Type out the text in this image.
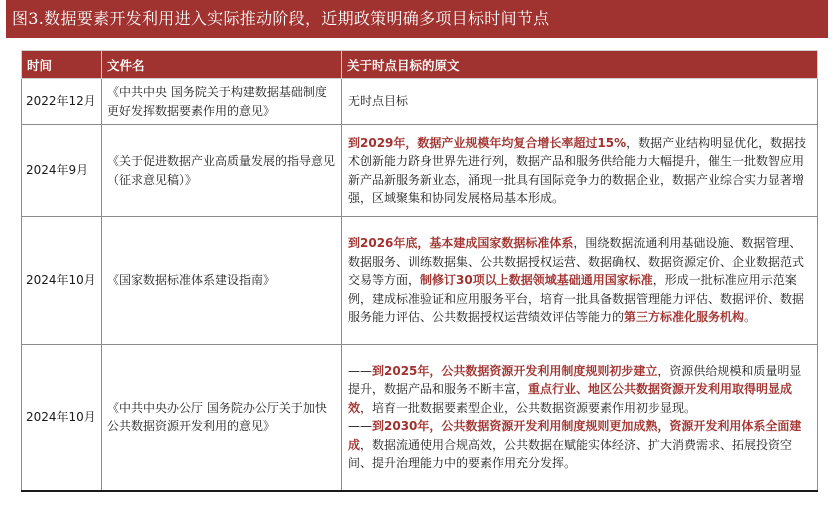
图3.数据要素开发利用进入实际推动阶段，近期政策明确多项目标时间节点
时间	文件名	关于时点目标的原文
2022年12月	《中共中央 国务院关于构建数据基础制度更好发挥数据要素作用的意见》	无时点目标
2024年9月	《关于促进数据产业高质量发展的指导意见（征求意见稿）》	到2029年，数据产业规模年均复合增长率超过15%，数据产业结构明显优化，数据技术创新能力跻身世界先进行列，数据产品和服务供给能力大幅提升，催生一批数智应用新产品新服务新业态，涌现一批具有国际竞争力的数据企业，数据产业综合实力显著增强，区域聚集和协同发展格局基本形成。
2024年10月	《国家数据标准体系建设指南》	到2026年底，基本建成国家数据标准体系，围绕数据流通利用基础设施、数据管理、数据服务、训练数据集、公共数据授权运营、数据确权、数据资源定价、企业数据范式交易等方面，制修订30项以上数据领域基础通用国家标准，形成一批标准应用示范案例，建成标准验证和应用服务平台，培育一批具备数据管理能力评估、数据评价、数据服务能力评估、公共数据授权运营绩效评估等能力的第三方标准化服务机构。
2024年10月	《中共中央办公厅 国务院办公厅关于加快公共数据资源开发利用的意见》	——到2025年，公共数据资源开发利用制度规则初步建立，资源供给规模和质量明显提升，数据产品和服务不断丰富，重点行业、地区公共数据资源开发利用取得明显成效，培育一批数据要素型企业，公共数据资源要素作用初步显现。

——到2030年，公共数据资源开发利用制度规则更加成熟，资源开发利用体系全面建成，数据流通使用合规高效，公共数据在赋能实体经济、扩大消费需求、拓展投资空间、提升治理能力中的要素作用充分发挥。
